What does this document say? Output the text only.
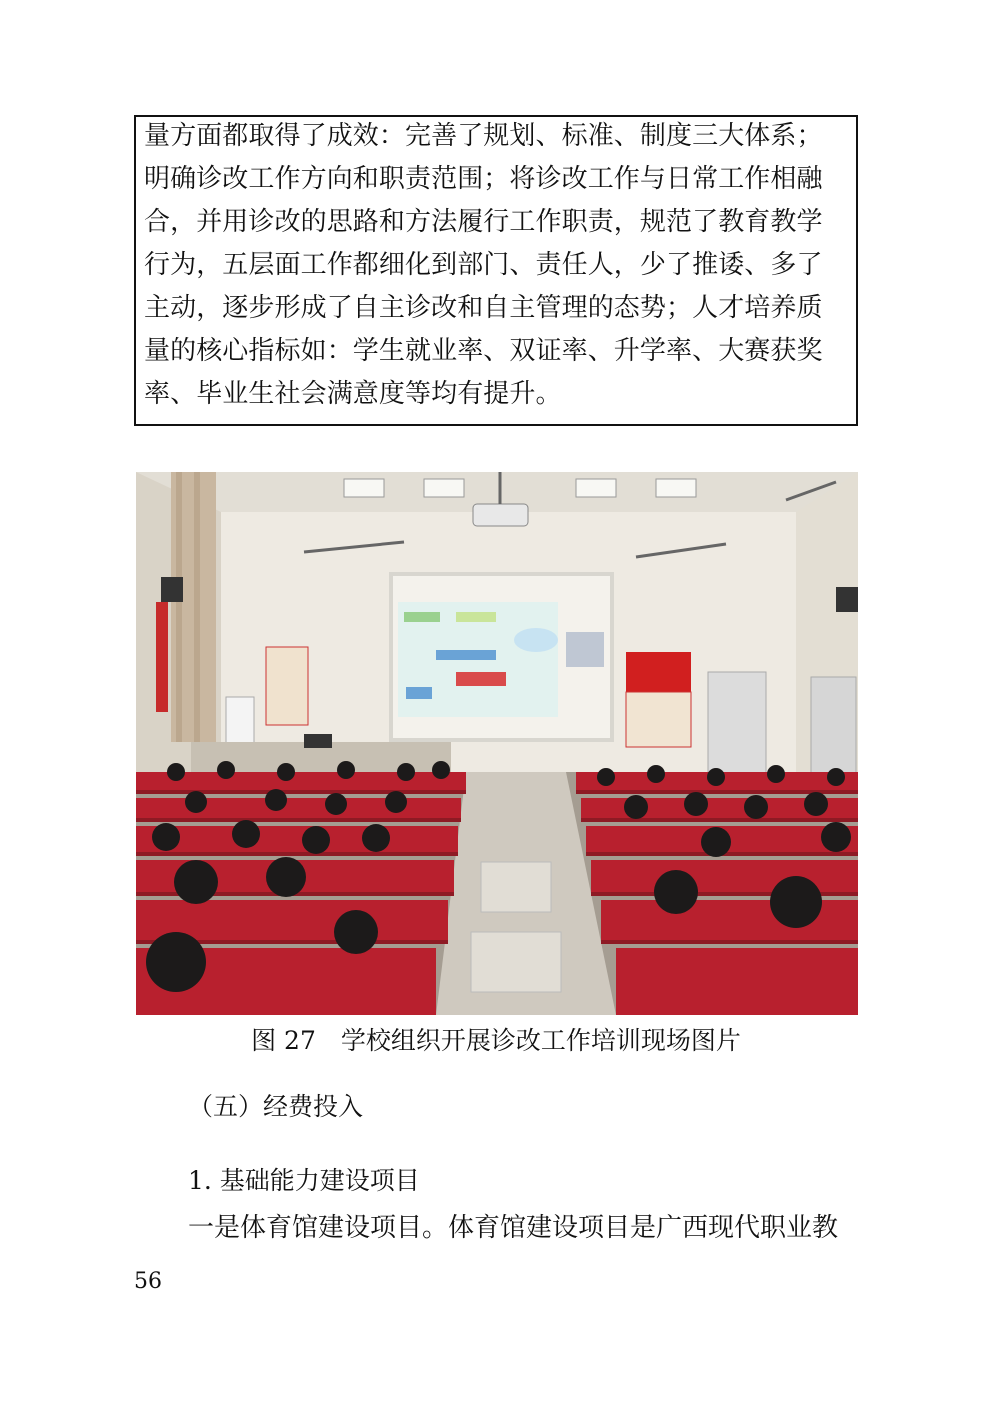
量方面都取得了成效：完善了规划、标准、制度三大体系；
明确诊改工作方向和职责范围；将诊改工作与日常工作相融
合，并用诊改的思路和方法履行工作职责，规范了教育教学
行为，五层面工作都细化到部门、责任人，少了推诿、多了
主动，逐步形成了自主诊改和自主管理的态势；人才培养质
量的核心指标如：学生就业率、双证率、升学率、大赛获奖
率、毕业生社会满意度等均有提升。
图 27　学校组织开展诊改工作培训现场图片
（五）经费投入
1. 基础能力建设项目
一是体育馆建设项目。体育馆建设项目是广西现代职业教
56
